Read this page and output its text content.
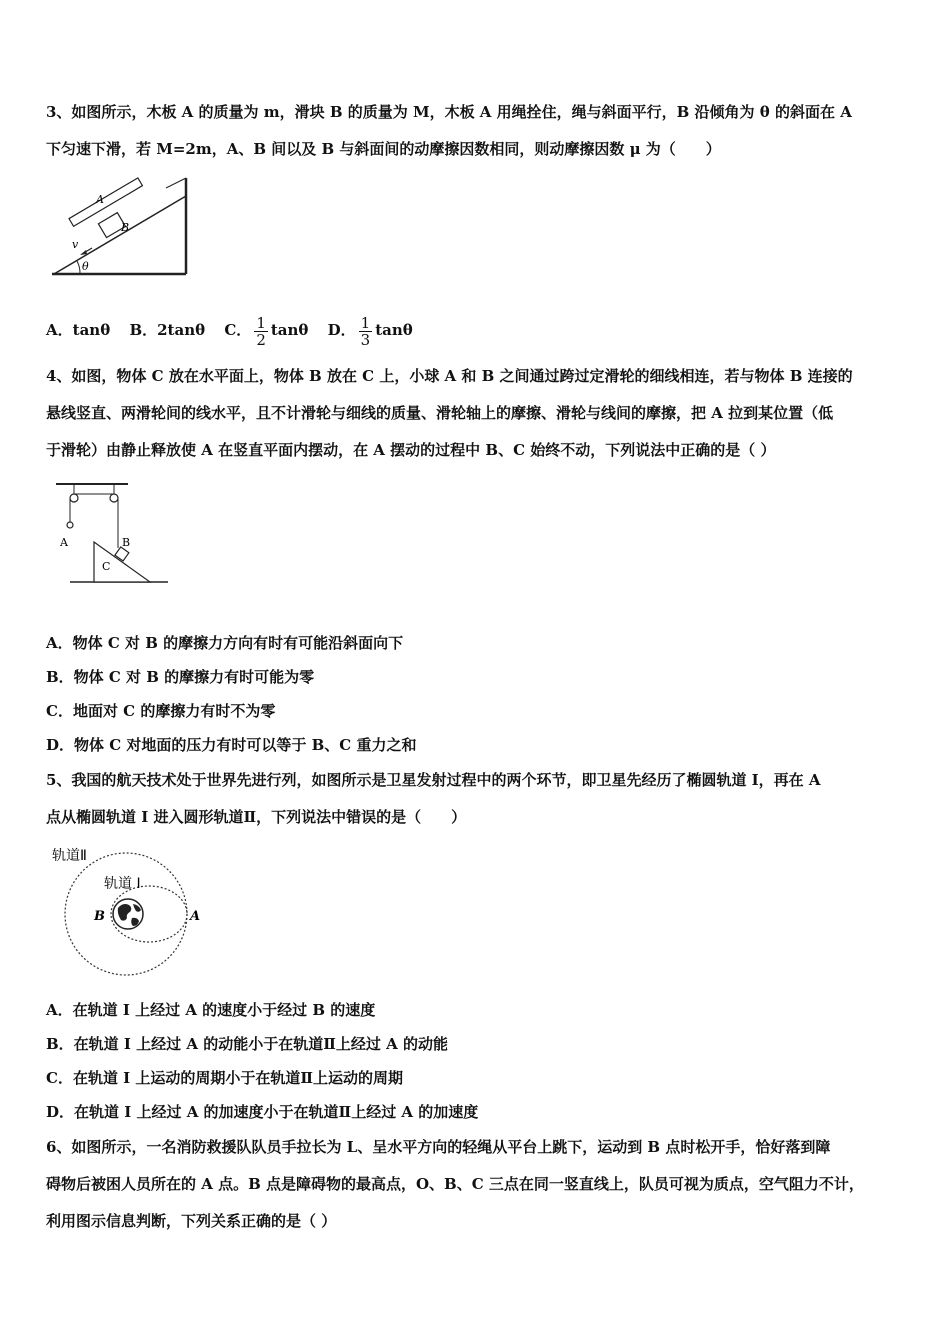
3、如图所示，木板 A 的质量为 m，滑块 B 的质量为 M，木板 A 用绳拴住，绳与斜面平行，B 沿倾角为 θ 的斜面在 A
下匀速下滑，若 M=2m，A、B 间以及 B 与斜面间的动摩擦因数相同，则动摩擦因数 μ 为（　　）
A
B
v
θ
A．tanθ B．2tanθ C． $\frac{1}{2}$ tanθ D． $\frac{1}{3}$ tanθ
4、如图，物体 C 放在水平面上，物体 B 放在 C 上，小球 A 和 B 之间通过跨过定滑轮的细线相连，若与物体 B 连接的
悬线竖直、两滑轮间的线水平，且不计滑轮与细线的质量、滑轮轴上的摩擦、滑轮与线间的摩擦，把 A 拉到某位置（低
于滑轮）由静止释放使 A 在竖直平面内摆动，在 A 摆动的过程中 B、C 始终不动，下列说法中正确的是（ ）
A	B
C
A．物体 C 对 B 的摩擦力方向有时有可能沿斜面向下
B．物体 C 对 B 的摩擦力有时可能为零
C．地面对 C 的摩擦力有时不为零
D．物体 C 对地面的压力有时可以等于 B、C 重力之和
5、我国的航天技术处于世界先进行列，如图所示是卫星发射过程中的两个环节，即卫星先经历了椭圆轨道 I，再在 A
点从椭圆轨道 I 进入圆形轨道Ⅱ，下列说法中错误的是（　　）
轨道Ⅱ
轨道 I
B	A
A．在轨道 I 上经过 A 的速度小于经过 B 的速度
B．在轨道 I 上经过 A 的动能小于在轨道Ⅱ上经过 A 的动能
C．在轨道 I 上运动的周期小于在轨道Ⅱ上运动的周期
D．在轨道 I 上经过 A 的加速度小于在轨道Ⅱ上经过 A 的加速度
6、如图所示，一名消防救援队队员手拉长为 L、呈水平方向的轻绳从平台上跳下，运动到 B 点时松开手，恰好落到障
碍物后被困人员所在的 A 点。B 点是障碍物的最高点，O、B、C 三点在同一竖直线上，队员可视为质点，空气阻力不计，
利用图示信息判断，下列关系正确的是（ ）
